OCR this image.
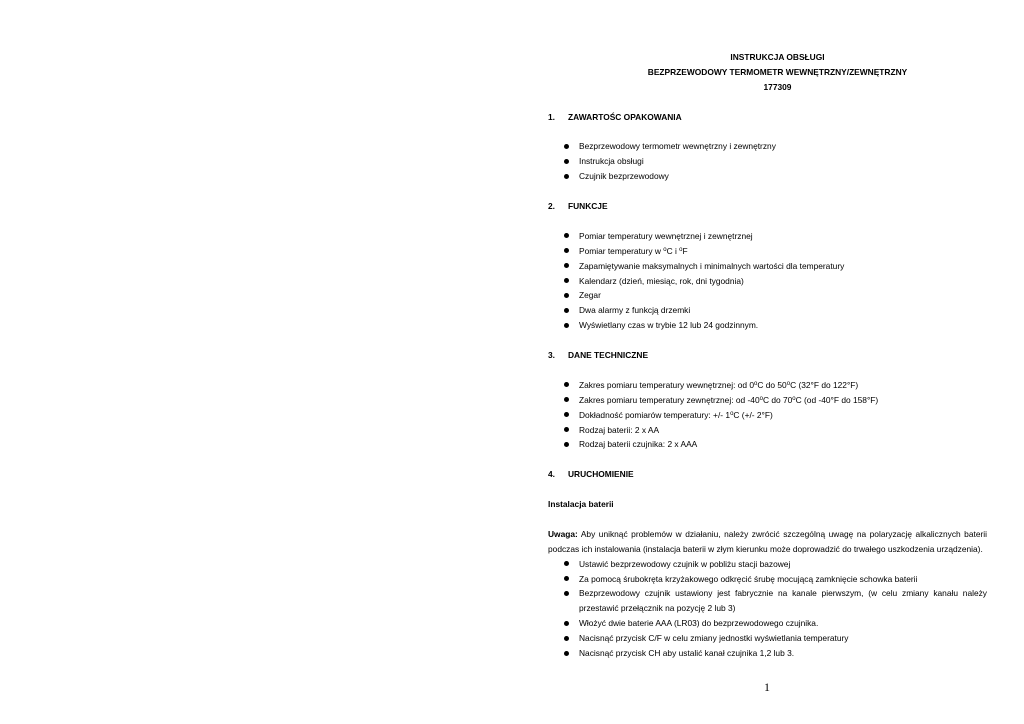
INSTRUKCJA OBSŁUGI
BEZPRZEWODOWY TERMOMETR WEWNĘTRZNY/ZEWNĘTRZNY
177309
1. ZAWARTOŚC OPAKOWANIA
Bezprzewodowy termometr wewnętrzny i zewnętrzny
Instrukcja obsługi
Czujnik bezprzewodowy
2. FUNKCJE
Pomiar temperatury wewnętrznej i zewnętrznej
Pomiar temperatury w $^o$C i $^o$F
Zapamiętywanie maksymalnych i minimalnych wartości dla temperatury
Kalendarz (dzień, miesiąc, rok, dni tygodnia)
Zegar
Dwa alarmy z funkcją drzemki
Wyświetlany czas w trybie 12 lub 24 godzinnym.
3. DANE TECHNICZNE
Zakres pomiaru temperatury wewnętrznej: od 0$^o$C do 50$^o$C (32°F do 122°F)
Zakres pomiaru temperatury zewnętrznej: od -40$^o$C do 70$^o$C (od -40°F do 158°F)
Dokładność pomiarów temperatury: +/- 1$^o$C (+/- 2°F)
Rodzaj baterii: 2 x AA
Rodzaj baterii czujnika: 2 x AAA
4. URUCHOMIENIE
Instalacja baterii
Uwaga: Aby uniknąć problemów w działaniu, należy zwrócić szczególną uwagę na polaryzację alkalicznych baterii podczas ich instalowania (instalacja baterii w złym kierunku może doprowadzić do trwałego uszkodzenia urządzenia).
Ustawić bezprzewodowy czujnik w pobliżu stacji bazowej
Za pomocą śrubokręta krzyżakowego odkręcić śrubę mocującą zamknięcie schowka baterii
Bezprzewodowy czujnik ustawiony jest fabrycznie na kanale pierwszym, (w celu zmiany kanału należy przestawić przełącznik na pozycję 2 lub 3)
Włożyć dwie baterie AAA (LR03) do bezprzewodowego czujnika.
Nacisnąć przycisk C/F w celu zmiany jednostki wyświetlania temperatury
Nacisnąć przycisk CH aby ustalić kanał czujnika 1,2 lub 3.
1
